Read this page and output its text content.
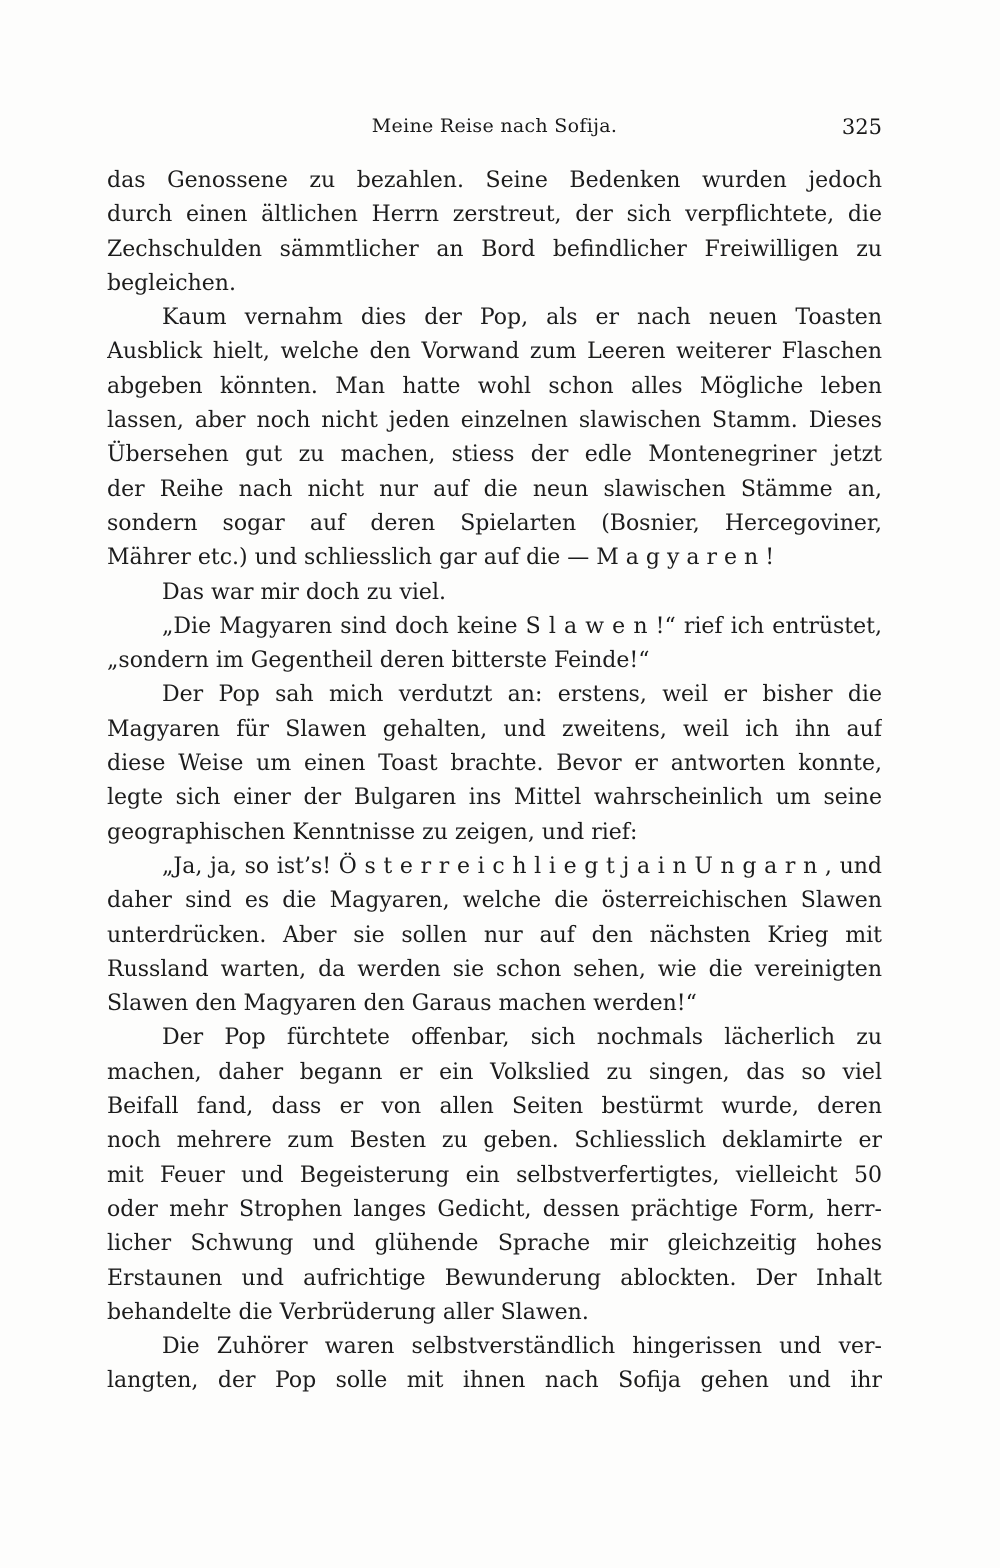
Meine Reise nach Sofija.	325
das Genossene zu bezahlen. Seine Bedenken wurden jedoch
durch einen ältlichen Herrn zerstreut, der sich verpflichtete, die
Zechschulden sämmtlicher an Bord befindlicher Freiwilligen zu
begleichen.
Kaum vernahm dies der Pop, als er nach neuen Toasten
Ausblick hielt, welche den Vorwand zum Leeren weiterer Flaschen
abgeben könnten. Man hatte wohl schon alles Mögliche leben
lassen, aber noch nicht jeden einzelnen slawischen Stamm. Dieses
Übersehen gut zu machen, stiess der edle Montenegriner jetzt
der Reihe nach nicht nur auf die neun slawischen Stämme an,
sondern sogar auf deren Spielarten (Bosnier, Hercegoviner,
Mährer etc.) und schliesslich gar auf die — M a g y a r e n !
Das war mir doch zu viel.
„Die Magyaren sind doch keine S l a w e n !“ rief ich entrüstet,
„sondern im Gegentheil deren bitterste Feinde!“
Der Pop sah mich verdutzt an: erstens, weil er bisher die
Magyaren für Slawen gehalten, und zweitens, weil ich ihn auf
diese Weise um einen Toast brachte. Bevor er antworten konnte,
legte sich einer der Bulgaren ins Mittel wahrscheinlich um seine
geographischen Kenntnisse zu zeigen, und rief:
„Ja, ja, so ist’s! Ö s t e r r e i c h l i e g t j a i n U n g a r n , und
daher sind es die Magyaren, welche die österreichischen Slawen
unterdrücken. Aber sie sollen nur auf den nächsten Krieg mit
Russland warten, da werden sie schon sehen, wie die vereinigten
Slawen den Magyaren den Garaus machen werden!“
Der Pop fürchtete offenbar, sich nochmals lächerlich zu
machen, daher begann er ein Volkslied zu singen, das so viel
Beifall fand, dass er von allen Seiten bestürmt wurde, deren
noch mehrere zum Besten zu geben. Schliesslich deklamirte er
mit Feuer und Begeisterung ein selbstverfertigtes, vielleicht 50
oder mehr Strophen langes Gedicht, dessen prächtige Form, herr-
licher Schwung und glühende Sprache mir gleichzeitig hohes
Erstaunen und aufrichtige Bewunderung ablockten. Der Inhalt
behandelte die Verbrüderung aller Slawen.
Die Zuhörer waren selbstverständlich hingerissen und ver-
langten, der Pop solle mit ihnen nach Sofija gehen und ihr
